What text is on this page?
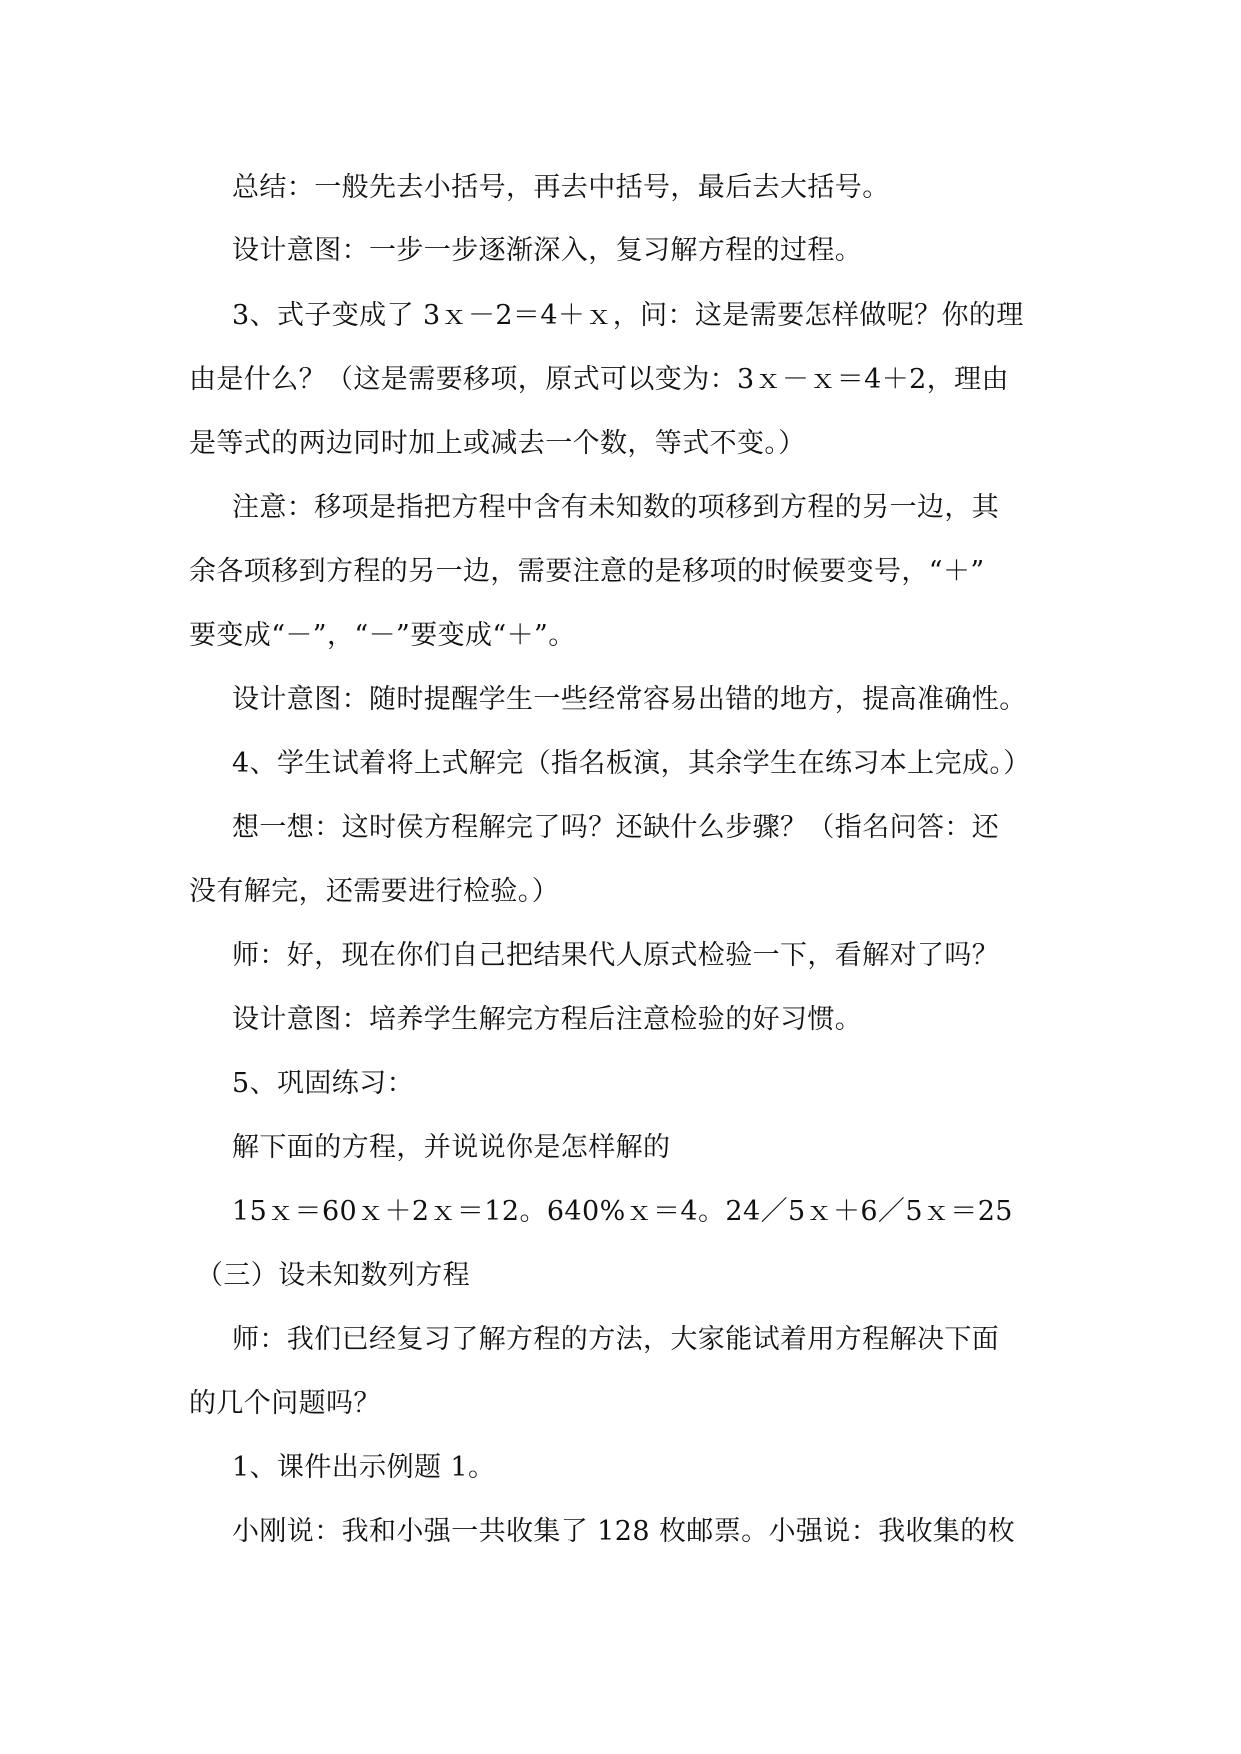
总结：一般先去小括号，再去中括号，最后去大括号。
设计意图：一步一步逐渐深入，复习解方程的过程。
3、式子变成了 3ｘ－2＝4＋ｘ，问：这是需要怎样做呢？你的理
由是什么？（这是需要移项，原式可以变为：3ｘ－ｘ＝4＋2，理由
是等式的两边同时加上或减去一个数，等式不变。）
注意：移项是指把方程中含有未知数的项移到方程的另一边，其
余各项移到方程的另一边，需要注意的是移项的时候要变号，“＋”
要变成“－”，“－”要变成“＋”。
设计意图：随时提醒学生一些经常容易出错的地方，提高准确性。
4、学生试着将上式解完（指名板演，其余学生在练习本上完成。）
想一想：这时侯方程解完了吗？还缺什么步骤？（指名问答：还
没有解完，还需要进行检验。）
师：好，现在你们自己把结果代人原式检验一下，看解对了吗？
设计意图：培养学生解完方程后注意检验的好习惯。
5、巩固练习：
解下面的方程，并说说你是怎样解的
15ｘ＝60ｘ＋2ｘ＝12。640%ｘ＝4。24／5ｘ＋6／5ｘ＝25
（三）设未知数列方程
师：我们已经复习了解方程的方法，大家能试着用方程解决下面
的几个问题吗？
1、课件出示例题 1。
小刚说：我和小强一共收集了 128 枚邮票。小强说：我收集的枚
